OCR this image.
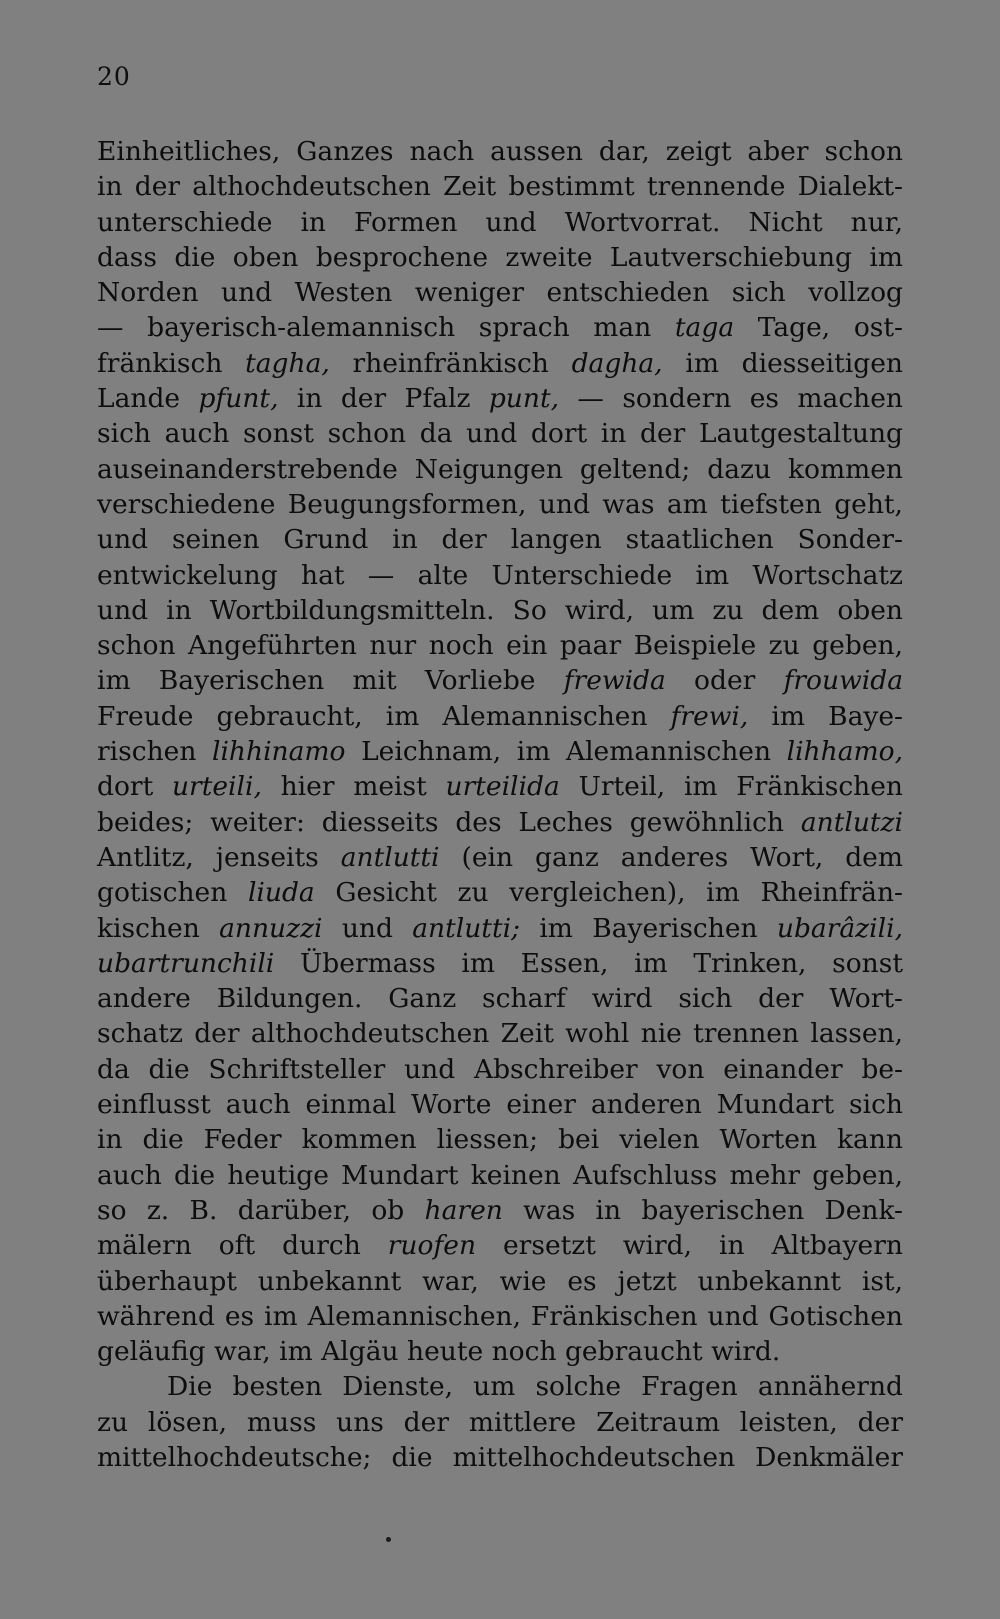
20
Einheitliches, Ganzes nach aussen dar, zeigt aber schon
in der althochdeutschen Zeit bestimmt trennende Dialekt-
unterschiede in Formen und Wortvorrat. Nicht nur,
dass die oben besprochene zweite Lautverschiebung im
Norden und Westen weniger entschieden sich vollzog
— bayerisch-alemannisch sprach man taga Tage, ost-
fränkisch tagha, rheinfränkisch dagha, im diesseitigen
Lande pfunt, in der Pfalz punt, — sondern es machen
sich auch sonst schon da und dort in der Lautgestaltung
auseinanderstrebende Neigungen geltend; dazu kommen
verschiedene Beugungsformen, und was am tiefsten geht,
und seinen Grund in der langen staatlichen Sonder-
entwickelung hat — alte Unterschiede im Wortschatz
und in Wortbildungsmitteln. So wird, um zu dem oben
schon Angeführten nur noch ein paar Beispiele zu geben,
im Bayerischen mit Vorliebe frewida oder frouwida
Freude gebraucht, im Alemannischen frewi, im Baye-
rischen lihhinamo Leichnam, im Alemannischen lihhamo,
dort urteili, hier meist urteilida Urteil, im Fränkischen
beides; weiter: diesseits des Leches gewöhnlich antlutzi
Antlitz, jenseits antlutti (ein ganz anderes Wort, dem
gotischen liuda Gesicht zu vergleichen), im Rheinfrän-
kischen annuzzi und antlutti; im Bayerischen ubarâzili,
ubartrunchili Übermass im Essen, im Trinken, sonst
andere Bildungen. Ganz scharf wird sich der Wort-
schatz der althochdeutschen Zeit wohl nie trennen lassen,
da die Schriftsteller und Abschreiber von einander be-
einflusst auch einmal Worte einer anderen Mundart sich
in die Feder kommen liessen; bei vielen Worten kann
auch die heutige Mundart keinen Aufschluss mehr geben,
so z. B. darüber, ob haren was in bayerischen Denk-
mälern oft durch ruofen ersetzt wird, in Altbayern
überhaupt unbekannt war, wie es jetzt unbekannt ist,
während es im Alemannischen, Fränkischen und Gotischen
geläufig war, im Algäu heute noch gebraucht wird.
Die besten Dienste, um solche Fragen annähernd
zu lösen, muss uns der mittlere Zeitraum leisten, der
mittelhochdeutsche; die mittelhochdeutschen Denkmäler
